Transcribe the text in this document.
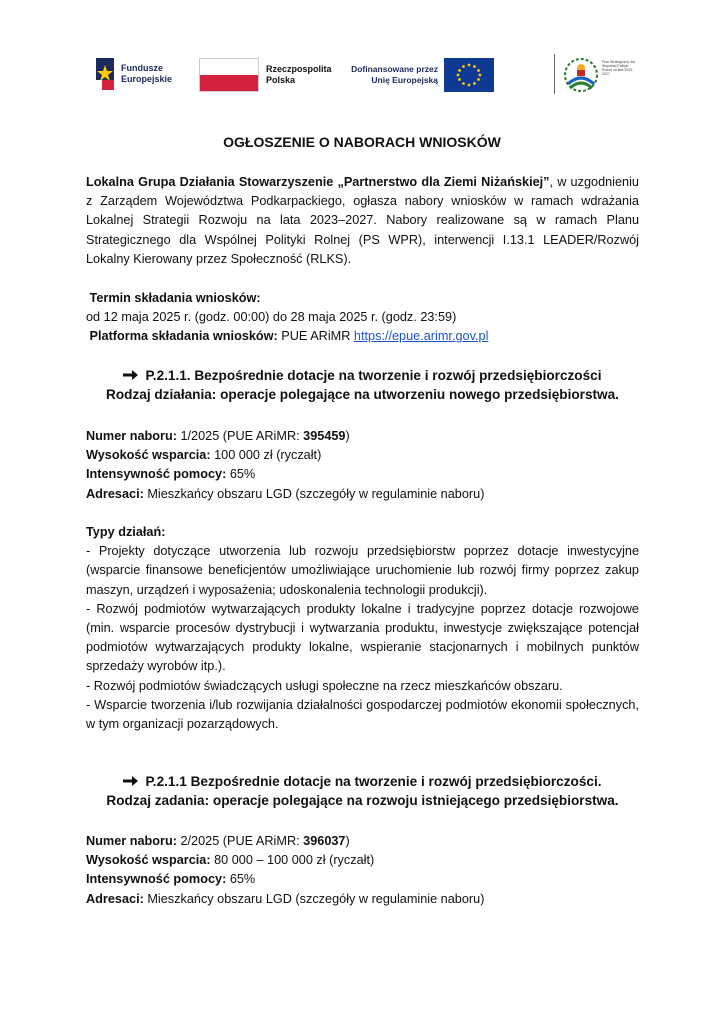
Fundusze
Europejskie
Rzeczpospolita
Polska
Dofinansowane przez
Unię Europejską
Plan Strategiczny dla Wspólnej Polityki Rolnej na lata 2023-2027
OGŁOSZENIE O NABORACH WNIOSKÓW
Lokalna Grupa Działania Stowarzyszenie „Partnerstwo dla Ziemi Niżańskiej”, w uzgodnieniu z Zarządem Województwa Podkarpackiego, ogłasza nabory wniosków w ramach wdrażania Lokalnej Strategii Rozwoju na lata 2023–2027. Nabory realizowane są w ramach Planu Strategicznego dla Wspólnej Polityki Rolnej (PS WPR), interwencji I.13.1 LEADER/Rozwój Lokalny Kierowany przez Społeczność (RLKS).
Termin składania wniosków:
od 12 maja 2025 r. (godz. 00:00) do 28 maja 2025 r. (godz. 23:59)
Platforma składania wniosków: PUE ARiMR https://epue.arimr.gov.pl
P.2.1.1. Bezpośrednie dotacje na tworzenie i rozwój przedsiębiorczości
Rodzaj działania: operacje polegające na utworzeniu nowego przedsiębiorstwa.
Numer naboru: 1/2025 (PUE ARiMR: 395459)
Wysokość wsparcia: 100 000 zł (ryczałt)
Intensywność pomocy: 65%
Adresaci: Mieszkańcy obszaru LGD (szczegóły w regulaminie naboru)
Typy działań:
- Projekty dotyczące utworzenia lub rozwoju przedsiębiorstw poprzez dotacje inwestycyjne (wsparcie finansowe beneficjentów umożliwiające uruchomienie lub rozwój firmy poprzez zakup maszyn, urządzeń i wyposażenia; udoskonalenia technologii produkcji).
- Rozwój podmiotów wytwarzających produkty lokalne i tradycyjne poprzez dotacje rozwojowe (min. wsparcie procesów dystrybucji i wytwarzania produktu, inwestycje zwiększające potencjał podmiotów wytwarzających produkty lokalne, wspieranie stacjonarnych i mobilnych punktów sprzedaży wyrobów itp.).
- Rozwój podmiotów świadczących usługi społeczne na rzecz mieszkańców obszaru.
- Wsparcie tworzenia i/lub rozwijania działalności gospodarczej podmiotów ekonomii społecznych, w tym organizacji pozarządowych.
P.2.1.1 Bezpośrednie dotacje na tworzenie i rozwój przedsiębiorczości.
Rodzaj zadania: operacje polegające na rozwoju istniejącego przedsiębiorstwa.
Numer naboru: 2/2025 (PUE ARiMR: 396037)
Wysokość wsparcia: 80 000 – 100 000 zł (ryczałt)
Intensywność pomocy: 65%
Adresaci: Mieszkańcy obszaru LGD (szczegóły w regulaminie naboru)
